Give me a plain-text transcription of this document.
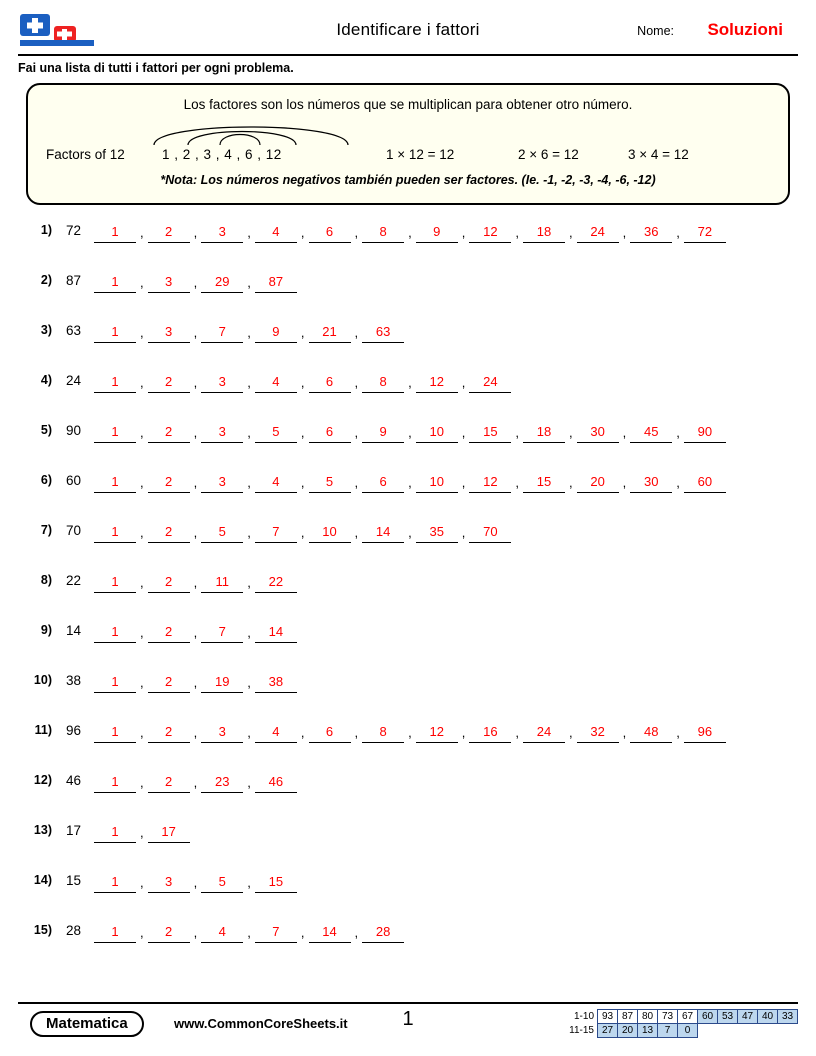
Identificare i fattori	Nome: Soluzioni
Fai una lista di tutti i fattori per ogni problema.
Los factores son los números que se multiplican para obtener otro número.
Factors of 12	1 , 2 , 3 , 4 , 6 , 12	1 × 12 = 12	2 × 6 = 12	3 × 4 = 12
*Nota: Los números negativos también pueden ser factores. (Ie. -1, -2, -3, -4, -6, -12)
1) 72	1	,	2	,	3	,	4	,	6	,	8	,	9	,	12	,	18	,	24	,	36	,	72
2) 87	1	,	3	,	29	,	87
3) 63	1	,	3	,	7	,	9	,	21	,	63
4) 24	1	,	2	,	3	,	4	,	6	,	8	,	12	,	24
5) 90	1	,	2	,	3	,	5	,	6	,	9	,	10	,	15	,	18	,	30	,	45	,	90
6) 60	1	,	2	,	3	,	4	,	5	,	6	,	10	,	12	,	15	,	20	,	30	,	60
7) 70	1	,	2	,	5	,	7	,	10	,	14	,	35	,	70
8) 22	1	,	2	,	11	,	22
9) 14	1	,	2	,	7	,	14
10) 38	1	,	2	,	19	,	38
11) 96	1	,	2	,	3	,	4	,	6	,	8	,	12	,	16	,	24	,	32	,	48	,	96
12) 46	1	,	2	,	23	,	46
13) 17	1	,	17
14) 15	1	,	3	,	5	,	15
15) 28	1	,	2	,	4	,	7	,	14	,	28
Matematica	www.CommonCoreSheets.it	1	1-10	93	87	80	73	67	60	53	47	40	33
11-15	27	20	13	7	0					
